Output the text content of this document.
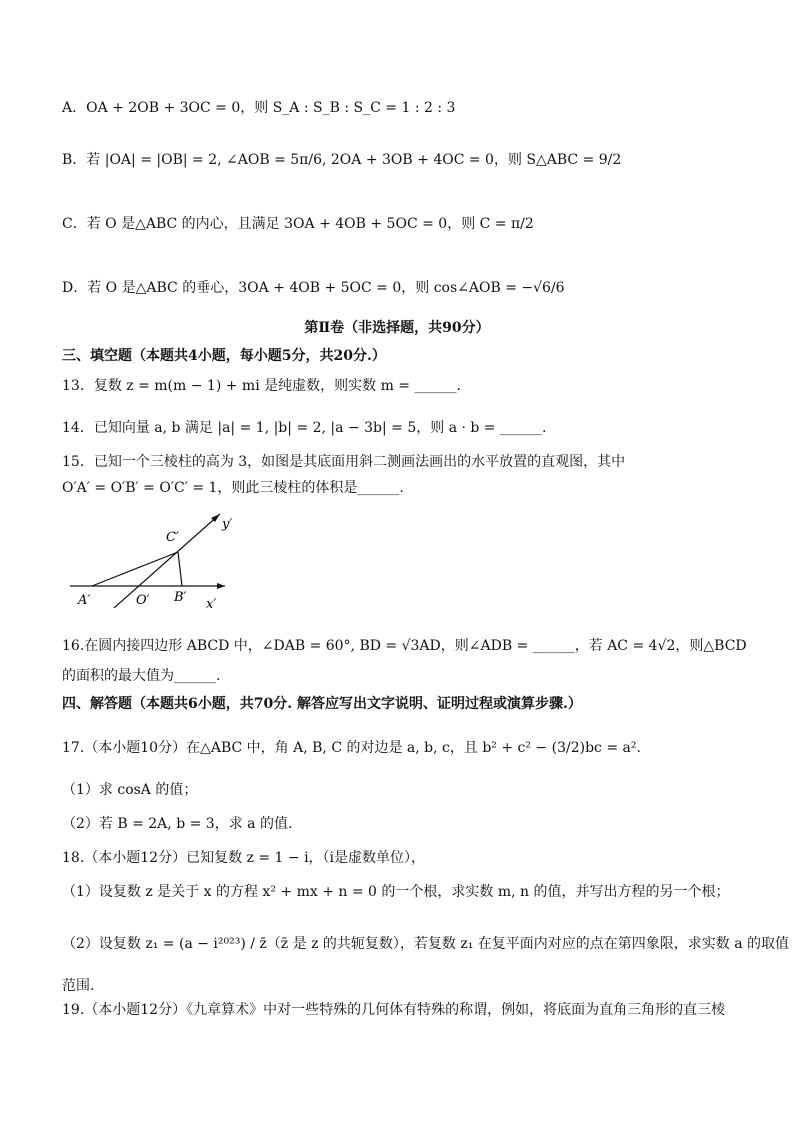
A．OA + 2OB + 3OC = 0，则 S_A : S_B : S_C = 1 : 2 : 3
B．若 |OA| = |OB| = 2, ∠AOB = 5π/6, 2OA + 3OB + 4OC = 0，则 S△ABC = 9/2
C．若 O 是△ABC 的内心，且满足 3OA + 4OB + 5OC = 0，则 C = π/2
D．若 O 是△ABC 的垂心，3OA + 4OB + 5OC = 0，则 cos∠AOB = −√6/6
第Ⅱ卷（非选择题，共90分）
三、填空题（本题共4小题，每小题5分，共20分.）
13．复数 z = m(m − 1) + mi 是纯虚数，则实数 m = ______.
14．已知向量 a, b 满足 |a| = 1, |b| = 2, |a − 3b| = 5，则 a · b = ______.
15．已知一个三棱柱的高为 3，如图是其底面用斜二测画法画出的水平放置的直观图，其中
O′A′ = O′B′ = O′C′ = 1，则此三棱柱的体积是______.
C′
y′
A′	O′ B′ x′
16.在圆内接四边形 ABCD 中，∠DAB = 60°, BD = √3AD，则∠ADB = ______，若 AC = 4√2，则△BCD
的面积的最大值为______.
四、解答题（本题共6小题，共70分. 解答应写出文字说明、证明过程或演算步骤.）
17.（本小题10分）在△ABC 中，角 A, B, C 的对边是 a, b, c，且 b² + c² − (3/2)bc = a².
（1）求 cosA 的值；
（2）若 B = 2A, b = 3，求 a 的值.
18.（本小题12分）已知复数 z = 1 − i，（i是虚数单位），
（1）设复数 z 是关于 x 的方程 x² + mx + n = 0 的一个根，求实数 m, n 的值，并写出方程的另一个根；
（2）设复数 z₁ = (a − i²⁰²³) / z̄（z̄ 是 z 的共轭复数），若复数 z₁ 在复平面内对应的点在第四象限，求实数 a 的取值
范围.
19.（本小题12分）《九章算术》中对一些特殊的几何体有特殊的称谓，例如，将底面为直角三角形的直三棱
